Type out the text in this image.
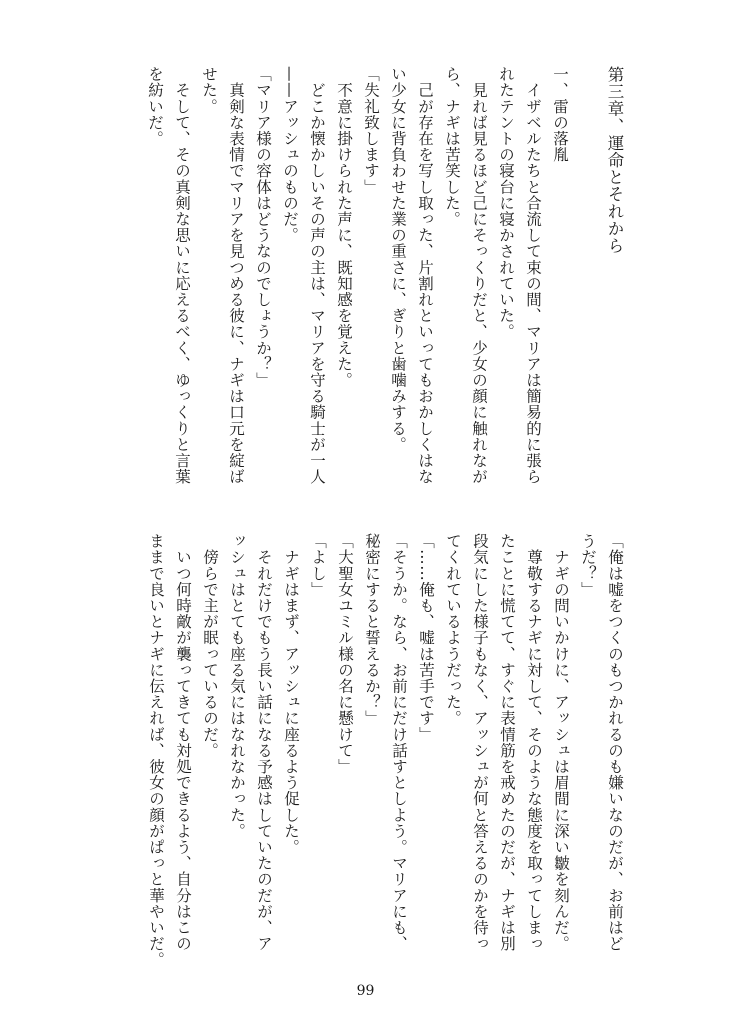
第三章、運命とそれから

一、雷の落胤

　イザベルたちと合流して束の間、マリアは簡易的に張ら

れたテントの寝台に寝かされていた。

　見れば見るほど己にそっくりだと、少女の顔に触れなが

ら、ナギは苦笑した。

　己が存在を写し取った、片割れといってもおかしくはな

い少女に背負わせた業の重さに、ぎりと歯噛みする。

「失礼致します」

　不意に掛けられた声に、既知感を覚えた。

　どこか懐かしいその声の主は、マリアを守る騎士が一人

——アッシュのものだ。

「マリア様の容体はどうなのでしょうか？」

　真剣な表情でマリアを見つめる彼に、ナギは口元を綻ば

せた。

　そして、その真剣な思いに応えるべく、ゆっくりと言葉

を紡いだ。

「俺は嘘をつくのもつかれるのも嫌いなのだが、お前はど

うだ？」

　ナギの問いかけに、アッシュは眉間に深い皺を刻んだ。

　尊敬するナギに対して、そのような態度を取ってしまっ

たことに慌てて、すぐに表情筋を戒めたのだが、ナギは別

段気にした様子もなく、アッシュが何と答えるのかを待っ

てくれているようだった。

「……俺も、嘘は苦手です」

「そうか。なら、お前にだけ話すとしよう。マリアにも、

秘密にすると誓えるか？」

「大聖女ユミル様の名に懸けて」

「よし」

　ナギはまず、アッシュに座るよう促した。

　それだけでもう長い話になる予感はしていたのだが、ア

ッシュはとても座る気にはなれなかった。

　傍らで主が眠っているのだ。

　いつ何時敵が襲ってきても対処できるよう、自分はこの

ままで良いとナギに伝えれば、彼女の顔がぱっと華やいだ。

99
